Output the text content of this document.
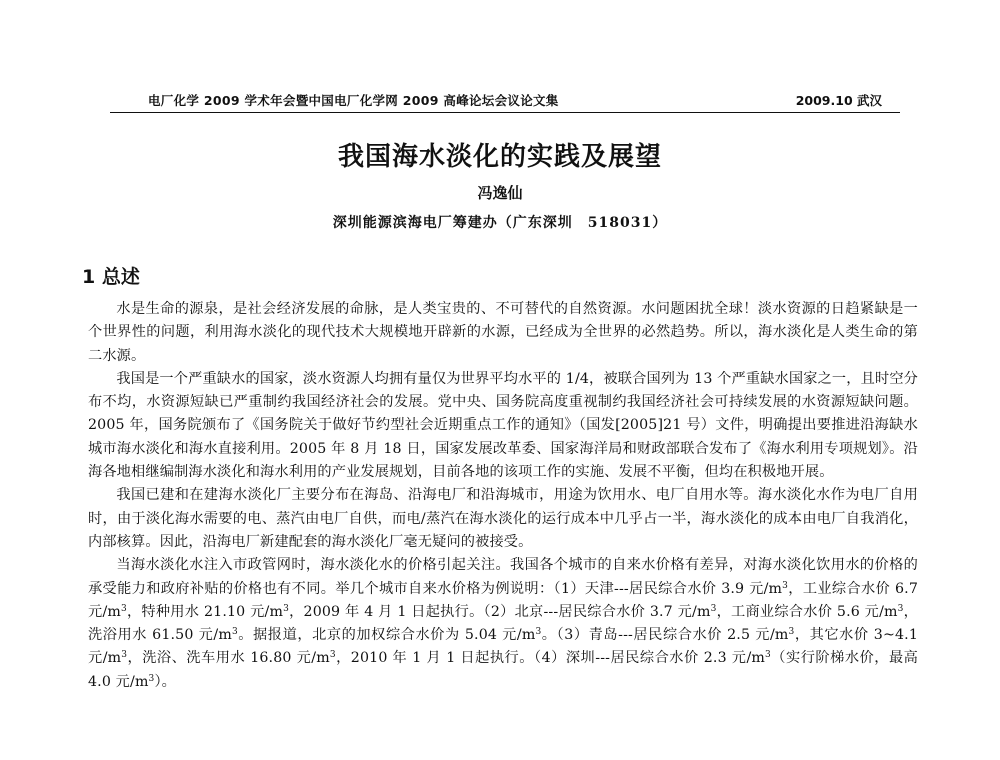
电厂化学 2009 学术年会暨中国电厂化学网 2009 高峰论坛会议论文集	2009.10 武汉
我国海水淡化的实践及展望
冯逸仙
深圳能源滨海电厂筹建办（广东深圳　518031）
1 总述

水是生命的源泉，是社会经济发展的命脉，是人类宝贵的、不可替代的自然资源。水问题困扰全球！淡水资源的日趋紧缺是一个世界性的问题，利用海水淡化的现代技术大规模地开辟新的水源，已经成为全世界的必然趋势。所以，海水淡化是人类生命的第二水源。

我国是一个严重缺水的国家，淡水资源人均拥有量仅为世界平均水平的 1/4，被联合国列为 13 个严重缺水国家之一，且时空分布不均，水资源短缺已严重制约我国经济社会的发展。党中央、国务院高度重视制约我国经济社会可持续发展的水资源短缺问题。2005 年，国务院颁布了《国务院关于做好节约型社会近期重点工作的通知》（国发[2005]21 号）文件，明确提出要推进沿海缺水城市海水淡化和海水直接利用。2005 年 8 月 18 日，国家发展改革委、国家海洋局和财政部联合发布了《海水利用专项规划》。沿海各地相继编制海水淡化和海水利用的产业发展规划，目前各地的该项工作的实施、发展不平衡，但均在积极地开展。

我国已建和在建海水淡化厂主要分布在海岛、沿海电厂和沿海城市，用途为饮用水、电厂自用水等。海水淡化水作为电厂自用时，由于淡化海水需要的电、蒸汽由电厂自供，而电/蒸汽在海水淡化的运行成本中几乎占一半，海水淡化的成本由电厂自我消化，内部核算。因此，沿海电厂新建配套的海水淡化厂毫无疑问的被接受。

当海水淡化水注入市政管网时，海水淡化水的价格引起关注。我国各个城市的自来水价格有差异，对海水淡化饮用水的价格的承受能力和政府补贴的价格也有不同。举几个城市自来水价格为例说明：（1）天津---居民综合水价 3.9 元$/m^3$，工业综合水价 6.7 元$/m^3$，特种用水 21.10 元$/m^3$，2009 年 4 月 1 日起执行。（2）北京---居民综合水价 3.7 元$/m^3$，工商业综合水价 5.6 元$/m^3$，洗浴用水 61.50 元$/m^3$。据报道，北京的加权综合水价为 5.04 元$/m^3$。（3）青岛---居民综合水价 2.5 元$/m^3$，其它水价 3~4.1 元$/m^3$，洗浴、洗车用水 16.80 元$/m^3$，2010 年 1 月 1 日起执行。（4）深圳---居民综合水价 2.3 元$/m^3$（实行阶梯水价，最高 4.0 元$/m^3$）。
